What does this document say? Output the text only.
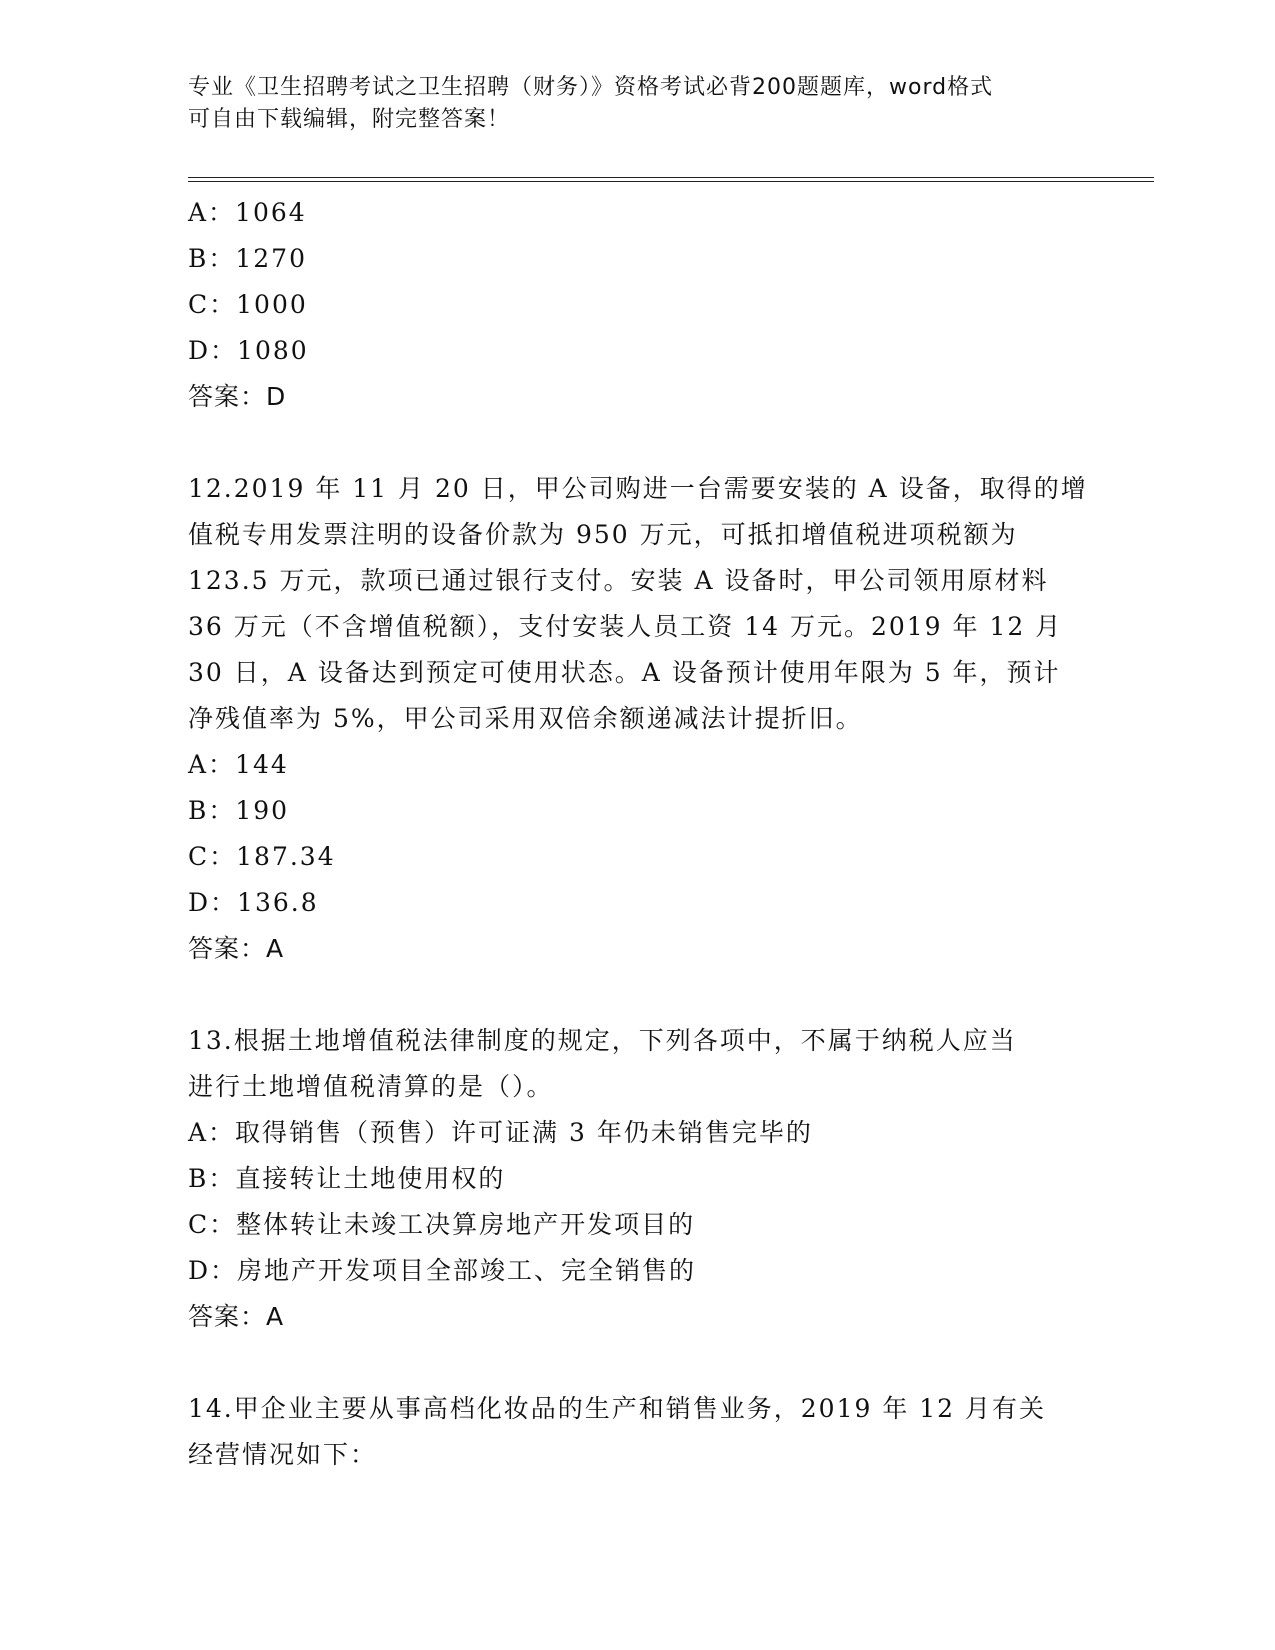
专业《卫生招聘考试之卫生招聘（财务）》资格考试必背200题题库，word格式
可自由下载编辑，附完整答案！

A：1064

B：1270

C：1000

D：1080

答案：D

12.2019 年 11 月 20 日，甲公司购进一台需要安装的 A 设备，取得的增
值税专用发票注明的设备价款为 950 万元，可抵扣增值税进项税额为
123.5 万元，款项已通过银行支付。安装 A 设备时，甲公司领用原材料
36 万元（不含增值税额），支付安装人员工资 14 万元。2019 年 12 月
30 日，A 设备达到预定可使用状态。A 设备预计使用年限为 5 年，预计
净残值率为 5%，甲公司采用双倍余额递减法计提折旧。

A：144

B：190

C：187.34

D：136.8

答案：A

13.根据土地增值税法律制度的规定，下列各项中，不属于纳税人应当
进行土地增值税清算的是（）。

A：取得销售（预售）许可证满 3 年仍未销售完毕的

B：直接转让土地使用权的

C：整体转让未竣工决算房地产开发项目的

D：房地产开发项目全部竣工、完全销售的

答案：A

14.甲企业主要从事高档化妆品的生产和销售业务，2019 年 12 月有关
经营情况如下：
